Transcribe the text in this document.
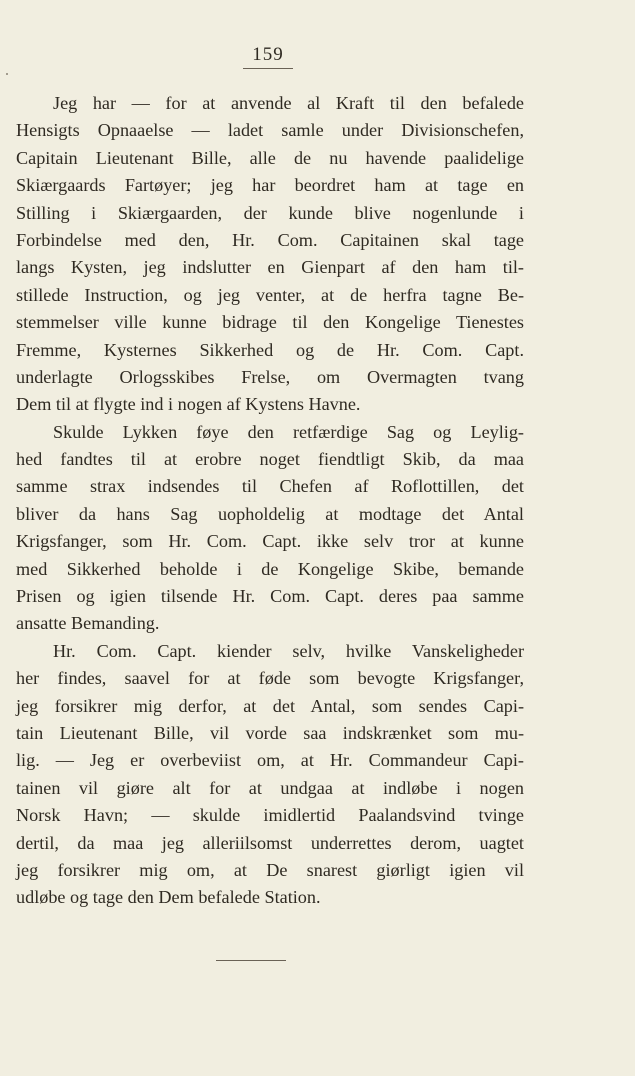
159
Jeg har — for at anvende al Kraft til den befalede
Hensigts Opnaaelse — ladet samle under Divisionschefen,
Capitain Lieutenant Bille, alle de nu havende paalidelige
Skiærgaards Fartøyer; jeg har beordret ham at tage en
Stilling i Skiærgaarden, der kunde blive nogenlunde i
Forbindelse med den, Hr. Com. Capitainen skal tage
langs Kysten, jeg indslutter en Gienpart af den ham til-
stillede Instruction, og jeg venter, at de herfra tagne Be-
stemmelser ville kunne bidrage til den Kongelige Tienestes
Fremme, Kysternes Sikkerhed og de Hr. Com. Capt.
underlagte Orlogsskibes Frelse, om Overmagten tvang
Dem til at flygte ind i nogen af Kystens Havne.
Skulde Lykken føye den retfærdige Sag og Leylig-
hed fandtes til at erobre noget fiendtligt Skib, da maa
samme strax indsendes til Chefen af Roflottillen, det
bliver da hans Sag uopholdelig at modtage det Antal
Krigsfanger, som Hr. Com. Capt. ikke selv tror at kunne
med Sikkerhed beholde i de Kongelige Skibe, bemande
Prisen og igien tilsende Hr. Com. Capt. deres paa samme
ansatte Bemanding.
Hr. Com. Capt. kiender selv, hvilke Vanskeligheder
her findes, saavel for at føde som bevogte Krigsfanger,
jeg forsikrer mig derfor, at det Antal, som sendes Capi-
tain Lieutenant Bille, vil vorde saa indskrænket som mu-
lig. — Jeg er overbeviist om, at Hr. Commandeur Capi-
tainen vil giøre alt for at undgaa at indløbe i nogen
Norsk Havn; — skulde imidlertid Paalandsvind tvinge
dertil, da maa jeg alleriilsomst underrettes derom, uagtet
jeg forsikrer mig om, at De snarest giørligt igien vil
udløbe og tage den Dem befalede Station.
